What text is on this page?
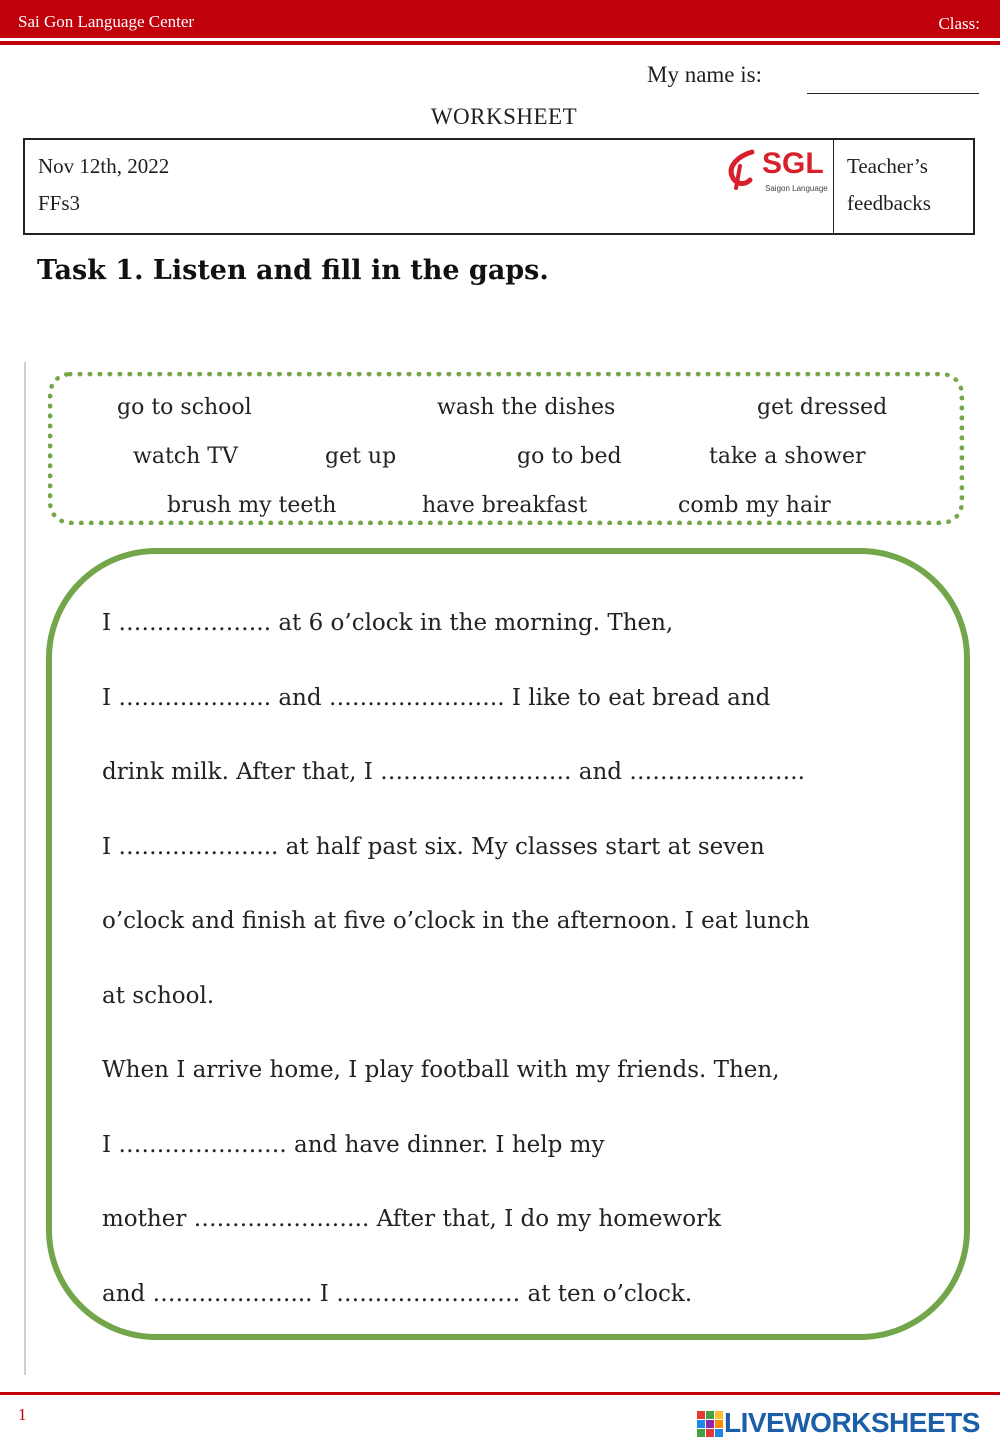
Sai Gon Language Center	Class:
My name is:
WORKSHEET
Nov 12th, 2022
FFs3
SGL
Saigon Language
Teacher’s
feedbacks
Task 1. Listen and fill in the gaps.
go to school	wash the dishes	get dressed
watch TV	get up	go to bed	take a shower
brush my teeth	have breakfast	comb my hair
I ……………….. at 6 o’clock in the morning. Then,
I ……………….. and ………………….. I like to eat bread and
drink milk. After that, I ……………………. and …………………..
I ………………... at half past six. My classes start at seven
o’clock and finish at five o’clock in the afternoon. I eat lunch
at school.
When I arrive home, I play football with my friends. Then,
I …………………. and have dinner. I help my
mother ………………….. After that, I do my homework
and ………………... I …………………… at ten o’clock.
1	LIVEWORKSHEETS
